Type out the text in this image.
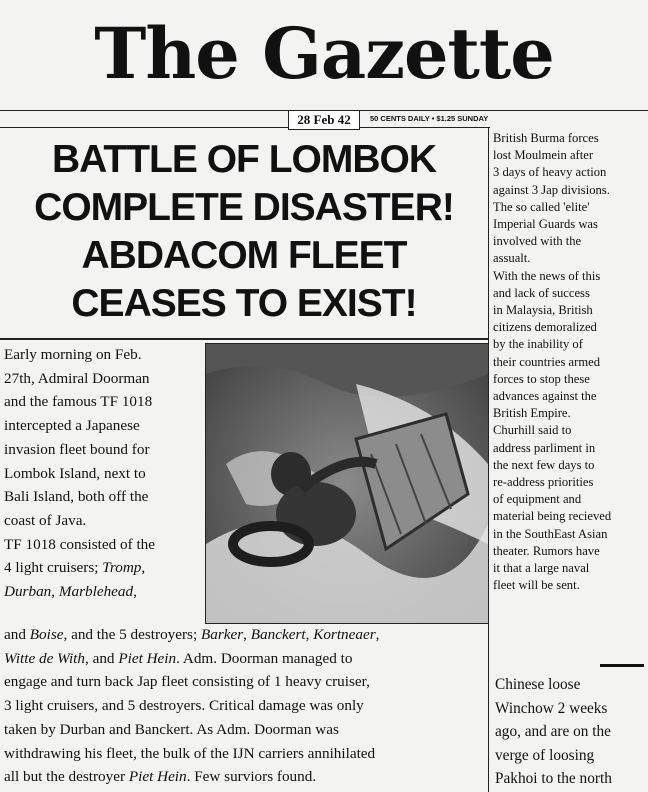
The Gazette
28 Feb 42	50 CENTS DAILY • $1.25 SUNDAY
BATTLE OF LOMBOK
COMPLETE DISASTER!
ABDACOM FLEET
CEASES TO EXIST!
Early morning on Feb.
27th, Admiral Doorman
and the famous TF 1018
intercepted a Japanese
invasion fleet bound for
Lombok Island, next to
Bali Island, both off the
coast of Java.
TF 1018 consisted of the
4 light cruisers; Tromp,
Durban, Marblehead,
and Boise, and the 5 destroyers; Barker, Banckert, Kortneaer,
Witte de With, and Piet Hein. Adm. Doorman managed to
engage and turn back Jap fleet consisting of 1 heavy cruiser,
3 light cruisers, and 5 destroyers. Critical damage was only
taken by Durban and Banckert. As Adm. Doorman was
withdrawing his fleet, the bulk of the IJN carriers annihilated
all but the destroyer Piet Hein. Few surviors found.
British Burma forces
lost Moulmein after
3 days of heavy action
against 3 Jap divisions.
The so called 'elite'
Imperial Guards was
involved with the
assualt.
With the news of this
and lack of success
in Malaysia, British
citizens demoralized
by the inability of
their countries armed
forces to stop these
advances against the
British Empire.
Churhill said to
address parliment in
the next few days to
re-address priorities
of equipment and
material being recieved
in the SouthEast Asian
theater. Rumors have
it that a large naval
fleet will be sent.
Chinese loose
Winchow 2 weeks
ago, and are on the
verge of loosing
Pakhoi to the north
